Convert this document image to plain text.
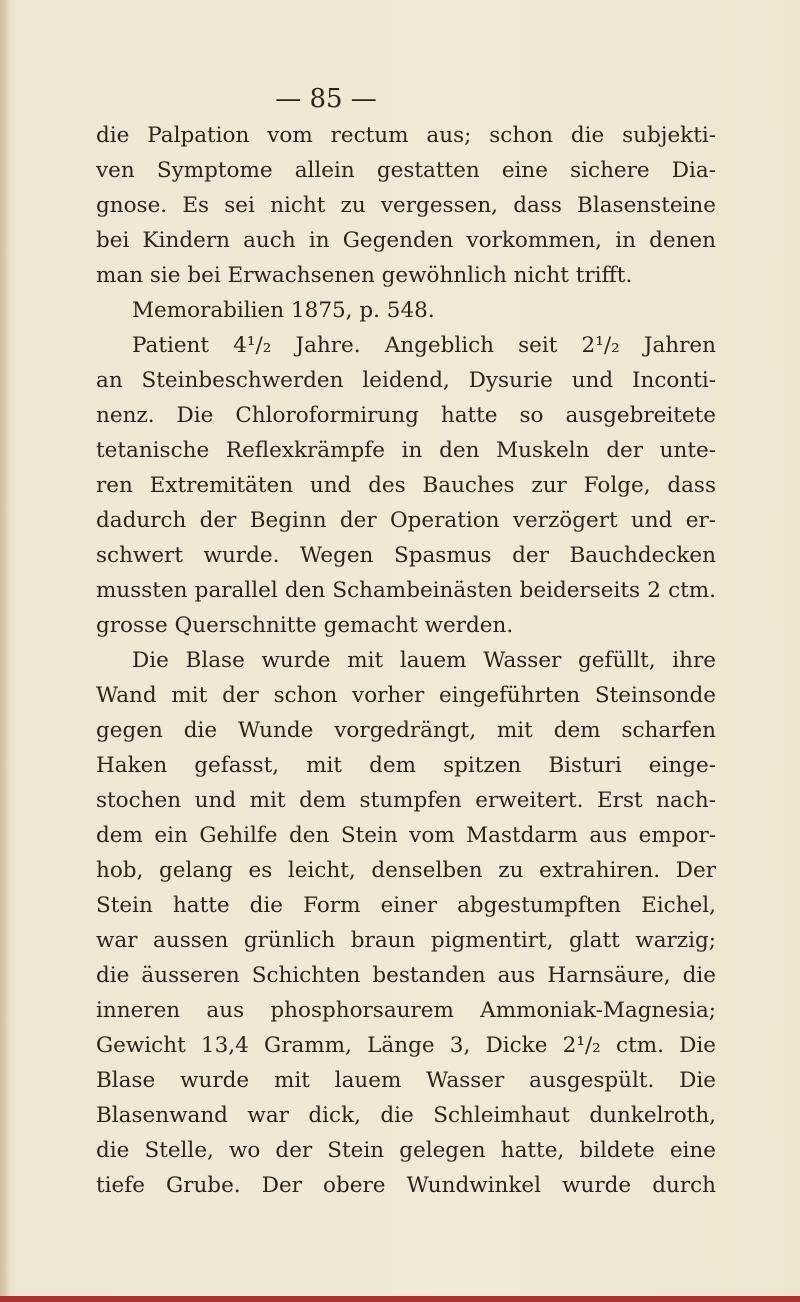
— 85 —
die Palpation vom rectum aus; schon die subjekti-
ven Symptome allein gestatten eine sichere Dia-
gnose. Es sei nicht zu vergessen, dass Blasensteine
bei Kindern auch in Gegenden vorkommen, in denen
man sie bei Erwachsenen gewöhnlich nicht trifft.
Memorabilien 1875, p. 548.
Patient 4¹/₂ Jahre. Angeblich seit 2¹/₂ Jahren
an Steinbeschwerden leidend, Dysurie und Inconti-
nenz. Die Chloroformirung hatte so ausgebreitete
tetanische Reflexkrämpfe in den Muskeln der unte-
ren Extremitäten und des Bauches zur Folge, dass
dadurch der Beginn der Operation verzögert und er-
schwert wurde. Wegen Spasmus der Bauchdecken
mussten parallel den Schambeinästen beiderseits 2 ctm.
grosse Querschnitte gemacht werden.
Die Blase wurde mit lauem Wasser gefüllt, ihre
Wand mit der schon vorher eingeführten Steinsonde
gegen die Wunde vorgedrängt, mit dem scharfen
Haken gefasst, mit dem spitzen Bisturi einge-
stochen und mit dem stumpfen erweitert. Erst nach-
dem ein Gehilfe den Stein vom Mastdarm aus empor-
hob, gelang es leicht, denselben zu extrahiren. Der
Stein hatte die Form einer abgestumpften Eichel,
war aussen grünlich braun pigmentirt, glatt warzig;
die äusseren Schichten bestanden aus Harnsäure, die
inneren aus phosphorsaurem Ammoniak-Magnesia;
Gewicht 13,4 Gramm, Länge 3, Dicke 2¹/₂ ctm. Die
Blase wurde mit lauem Wasser ausgespült. Die
Blasenwand war dick, die Schleimhaut dunkelroth,
die Stelle, wo der Stein gelegen hatte, bildete eine
tiefe Grube. Der obere Wundwinkel wurde durch
